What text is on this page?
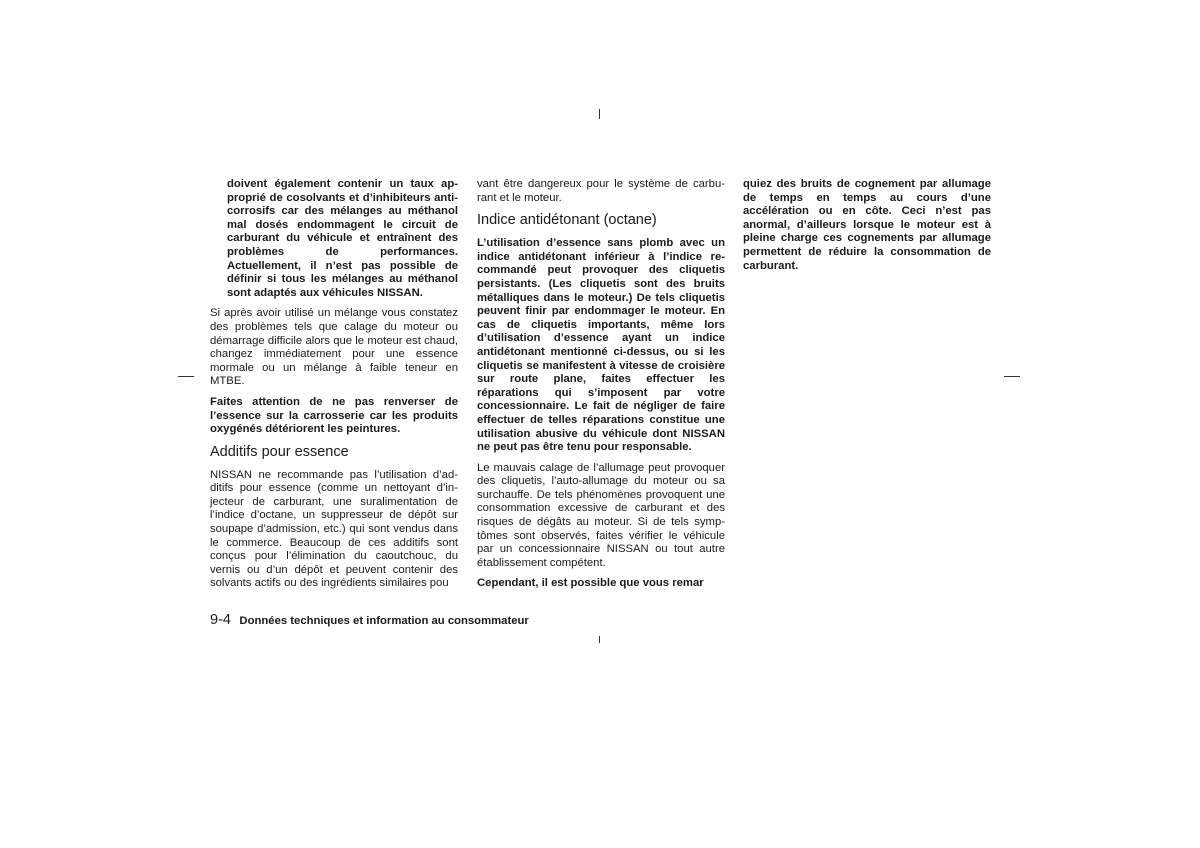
doivent également contenir un taux approprié de cosolvants et d’inhibiteurs anti-corrosifs car des mélanges au méthanol mal dosés endommagent le circuit de carburant du véhicule et entraînent des problèmes de performances. Actuellement, il n’est pas possible de définir si tous les mélanges au méthanol sont adaptés aux véhicules NISSAN.

Si après avoir utilisé un mélange vous constatez des problèmes tels que calage du moteur ou démarrage difficile alors que le moteur est chaud, changez immédiatement pour une essence mormale ou un mélange à faible teneur en MTBE.

Faites attention de ne pas renverser de l’essence sur la carrosserie car les produits oxygénés détériorent les peintures.

Additifs pour essence

NISSAN ne recommande pas l’utilisation d’additifs pour essence (comme un nettoyant d’injecteur de carburant, une suralimentation de l’indice d’octane, un suppresseur de dépôt sur soupape d’admission, etc.) qui sont vendus dans le commerce. Beaucoup de ces additifs sont conçus pour l’élimination du caoutchouc, du vernis ou d’un dépôt et peuvent contenir des solvants actifs ou des ingrédients similaires pou

vant être dangereux pour le système de carburant et le moteur.

Indice antidétonant (octane)

L’utilisation d’essence sans plomb avec un indice antidétonant inférieur à l’indice recommandé peut provoquer des cliquetis persistants. (Les cliquetis sont des bruits métalliques dans le moteur.) De tels cliquetis peuvent finir par endommager le moteur. En cas de cliquetis importants, même lors d’utilisation d’essence ayant un indice antidétonant mentionné ci-dessus, ou si les cliquetis se manifestent à vitesse de croisière sur route plane, faites effectuer les réparations qui s’imposent par votre concessionnaire. Le fait de négliger de faire effectuer de telles réparations constitue une utilisation abusive du véhicule dont NISSAN ne peut pas être tenu pour responsable.

Le mauvais calage de l’allumage peut provoquer des cliquetis, l’auto-allumage du moteur ou sa surchauffe. De tels phénomènes provoquent une consommation excessive de carburant et des risques de dégâts au moteur. Si de tels symptômes sont observés, faites vérifier le véhicule par un concessionnaire NISSAN ou tout autre établissement compétent.

Cependant, il est possible que vous remar

quiez des bruits de cognement par allumage de temps en temps au cours d’une accélération ou en côte. Ceci n’est pas anormal, d’ailleurs lorsque le moteur est à pleine charge ces cognements par allumage permettent de réduire la consommation de carburant.

9-4 Données techniques et information au consommateur
